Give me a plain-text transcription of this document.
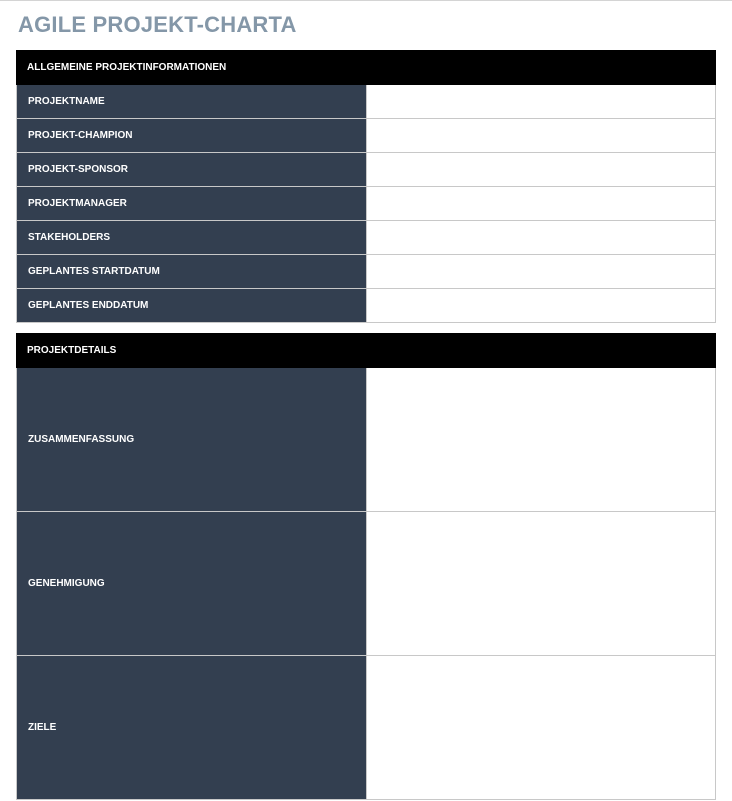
AGILE PROJEKT-CHARTA
ALLGEMEINE PROJEKTINFORMATIONEN	
PROJEKTNAME	

PROJEKT-CHAMPION	

PROJEKT-SPONSOR	

PROJEKTMANAGER	

STAKEHOLDERS	

GEPLANTES STARTDATUM	

GEPLANTES ENDDATUM	
PROJEKTDETAILS	
ZUSAMMENFASSUNG	

GENEHMIGUNG	

ZIELE	
